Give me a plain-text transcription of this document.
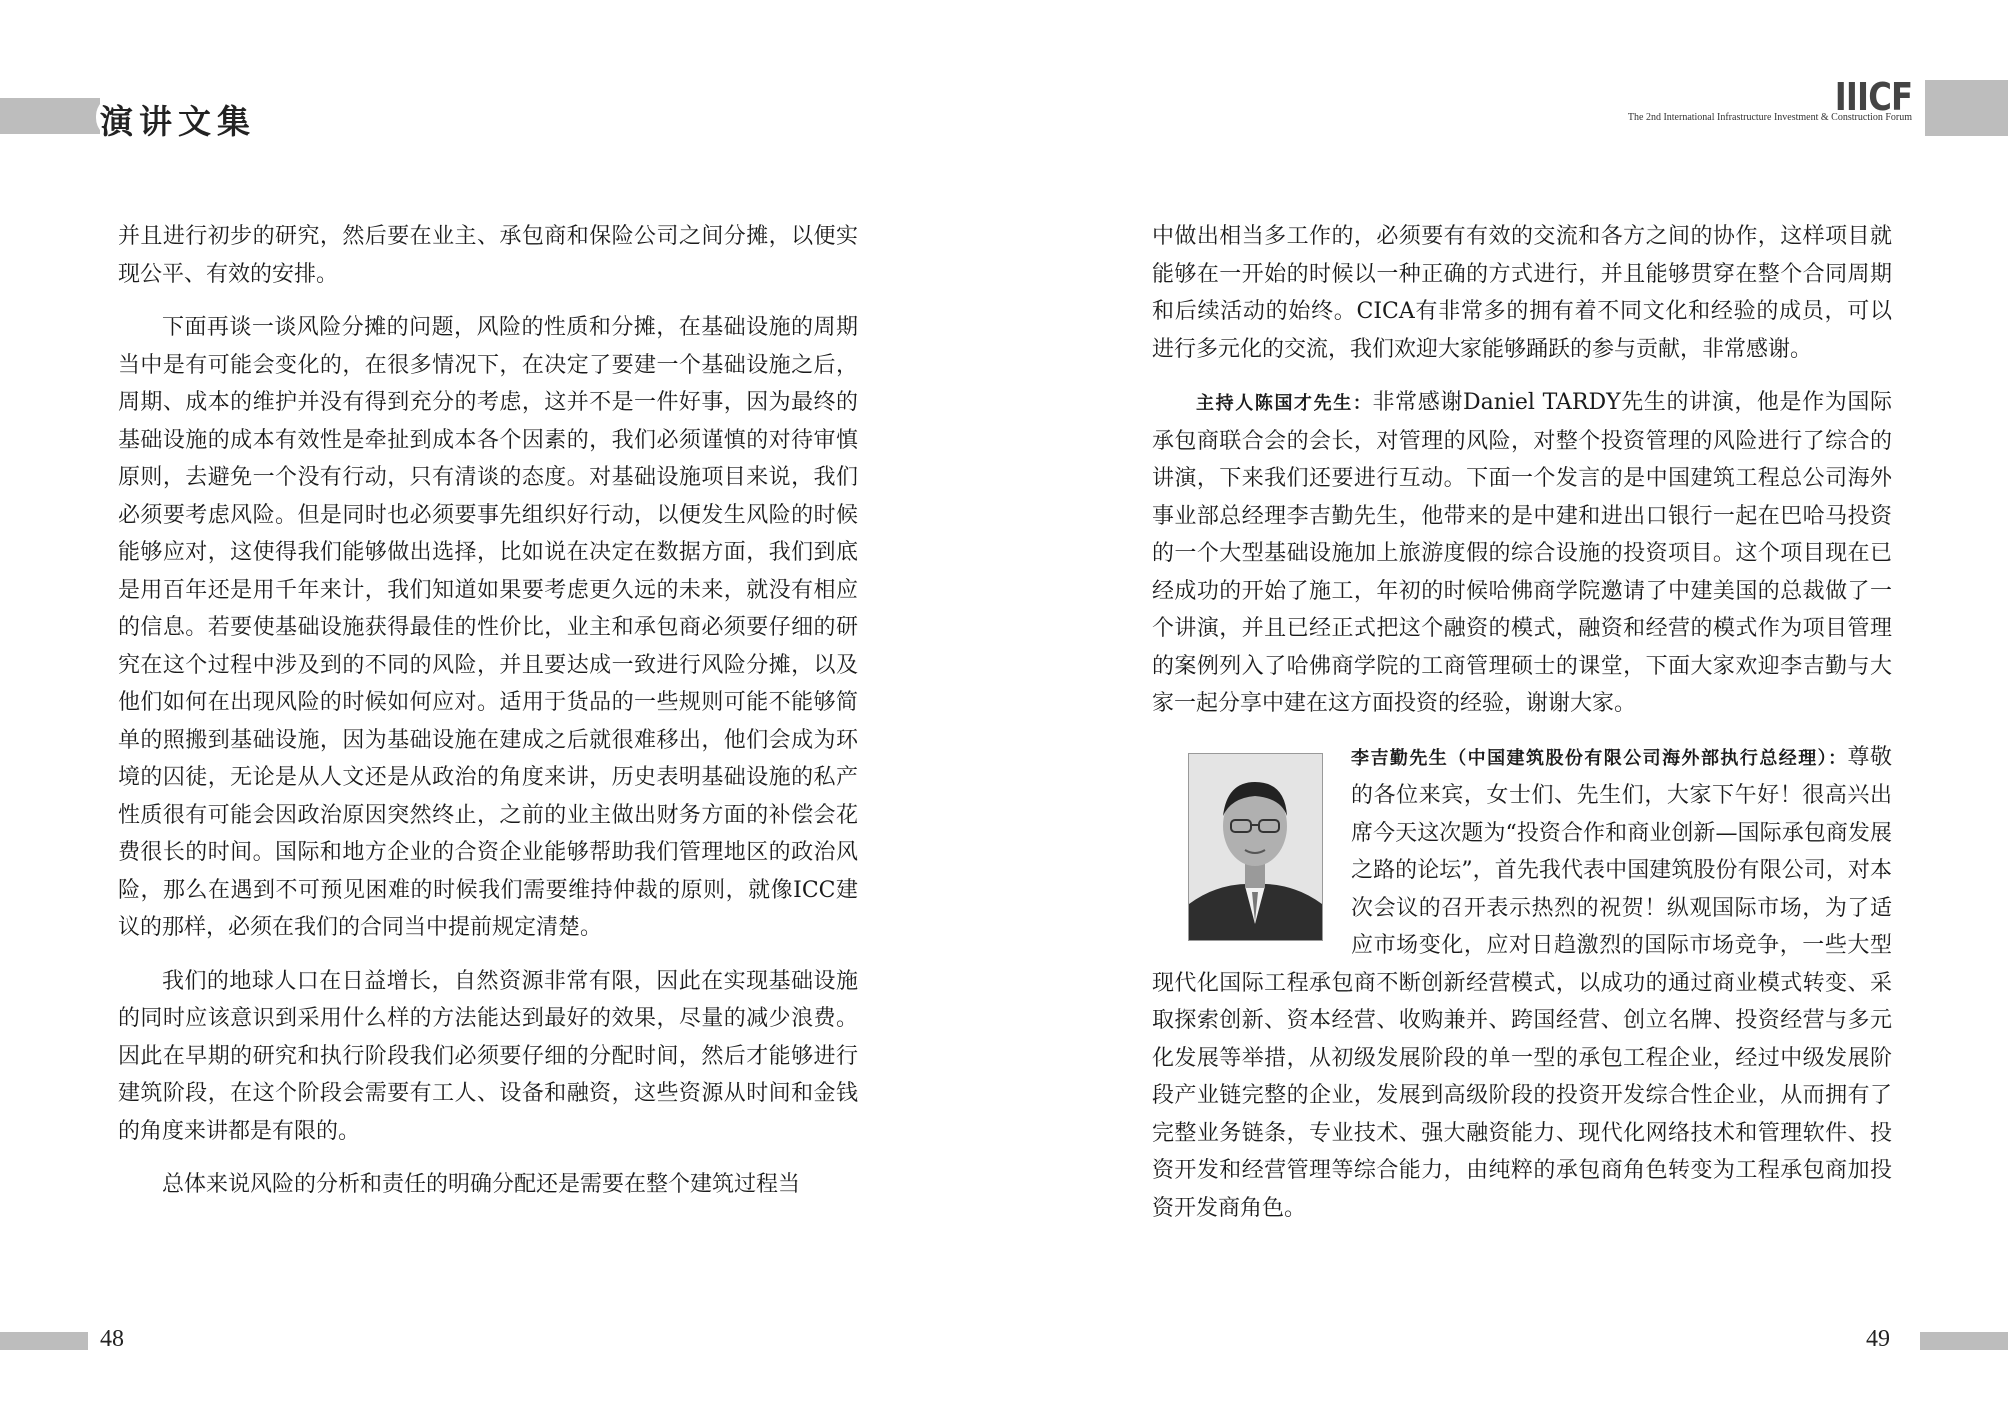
演讲文集
IIICF
The 2nd International Infrastructure Investment & Construction Forum

并且进行初步的研究，然后要在业主、承包商和保险公司之间分摊，以便实现公平、有效的安排。

下面再谈一谈风险分摊的问题，风险的性质和分摊，在基础设施的周期当中是有可能会变化的，在很多情况下，在决定了要建一个基础设施之后，周期、成本的维护并没有得到充分的考虑，这并不是一件好事，因为最终的基础设施的成本有效性是牵扯到成本各个因素的，我们必须谨慎的对待审慎原则，去避免一个没有行动，只有清谈的态度。对基础设施项目来说，我们必须要考虑风险。但是同时也必须要事先组织好行动，以便发生风险的时候能够应对，这使得我们能够做出选择，比如说在决定在数据方面，我们到底是用百年还是用千年来计，我们知道如果要考虑更久远的未来，就没有相应的信息。若要使基础设施获得最佳的性价比，业主和承包商必须要仔细的研究在这个过程中涉及到的不同的风险，并且要达成一致进行风险分摊，以及他们如何在出现风险的时候如何应对。适用于货品的一些规则可能不能够简单的照搬到基础设施，因为基础设施在建成之后就很难移出，他们会成为环境的囚徒，无论是从人文还是从政治的角度来讲，历史表明基础设施的私产性质很有可能会因政治原因突然终止，之前的业主做出财务方面的补偿会花费很长的时间。国际和地方企业的合资企业能够帮助我们管理地区的政治风险，那么在遇到不可预见困难的时候我们需要维持仲裁的原则，就像ICC建议的那样，必须在我们的合同当中提前规定清楚。

我们的地球人口在日益增长，自然资源非常有限，因此在实现基础设施的同时应该意识到采用什么样的方法能达到最好的效果，尽量的减少浪费。因此在早期的研究和执行阶段我们必须要仔细的分配时间，然后才能够进行建筑阶段，在这个阶段会需要有工人、设备和融资，这些资源从时间和金钱的角度来讲都是有限的。

总体来说风险的分析和责任的明确分配还是需要在整个建筑过程当

中做出相当多工作的，必须要有有效的交流和各方之间的协作，这样项目就能够在一开始的时候以一种正确的方式进行，并且能够贯穿在整个合同周期和后续活动的始终。CICA有非常多的拥有着不同文化和经验的成员，可以进行多元化的交流，我们欢迎大家能够踊跃的参与贡献，非常感谢。

主持人陈国才先生：非常感谢Daniel TARDY先生的讲演，他是作为国际承包商联合会的会长，对管理的风险，对整个投资管理的风险进行了综合的讲演，下来我们还要进行互动。下面一个发言的是中国建筑工程总公司海外事业部总经理李吉勤先生，他带来的是中建和进出口银行一起在巴哈马投资的一个大型基础设施加上旅游度假的综合设施的投资项目。这个项目现在已经成功的开始了施工，年初的时候哈佛商学院邀请了中建美国的总裁做了一个讲演，并且已经正式把这个融资的模式，融资和经营的模式作为项目管理的案例列入了哈佛商学院的工商管理硕士的课堂，下面大家欢迎李吉勤与大家一起分享中建在这方面投资的经验，谢谢大家。

李吉勤先生（中国建筑股份有限公司海外部执行总经理）：尊敬的各位来宾，女士们、先生们，大家下午好！很高兴出席今天这次题为“投资合作和商业创新—国际承包商发展之路的论坛”，首先我代表中国建筑股份有限公司，对本次会议的召开表示热烈的祝贺！纵观国际市场，为了适应市场变化，应对日趋激烈的国际市场竞争，一些大型现代化国际工程承包商不断创新经营模式，以成功的通过商业模式转变、采取探索创新、资本经营、收购兼并、跨国经营、创立名牌、投资经营与多元化发展等举措，从初级发展阶段的单一型的承包工程企业，经过中级发展阶段产业链完整的企业，发展到高级阶段的投资开发综合性企业，从而拥有了完整业务链条，专业技术、强大融资能力、现代化网络技术和管理软件、投资开发和经营管理等综合能力，由纯粹的承包商角色转变为工程承包商加投资开发商角色。

48	49
